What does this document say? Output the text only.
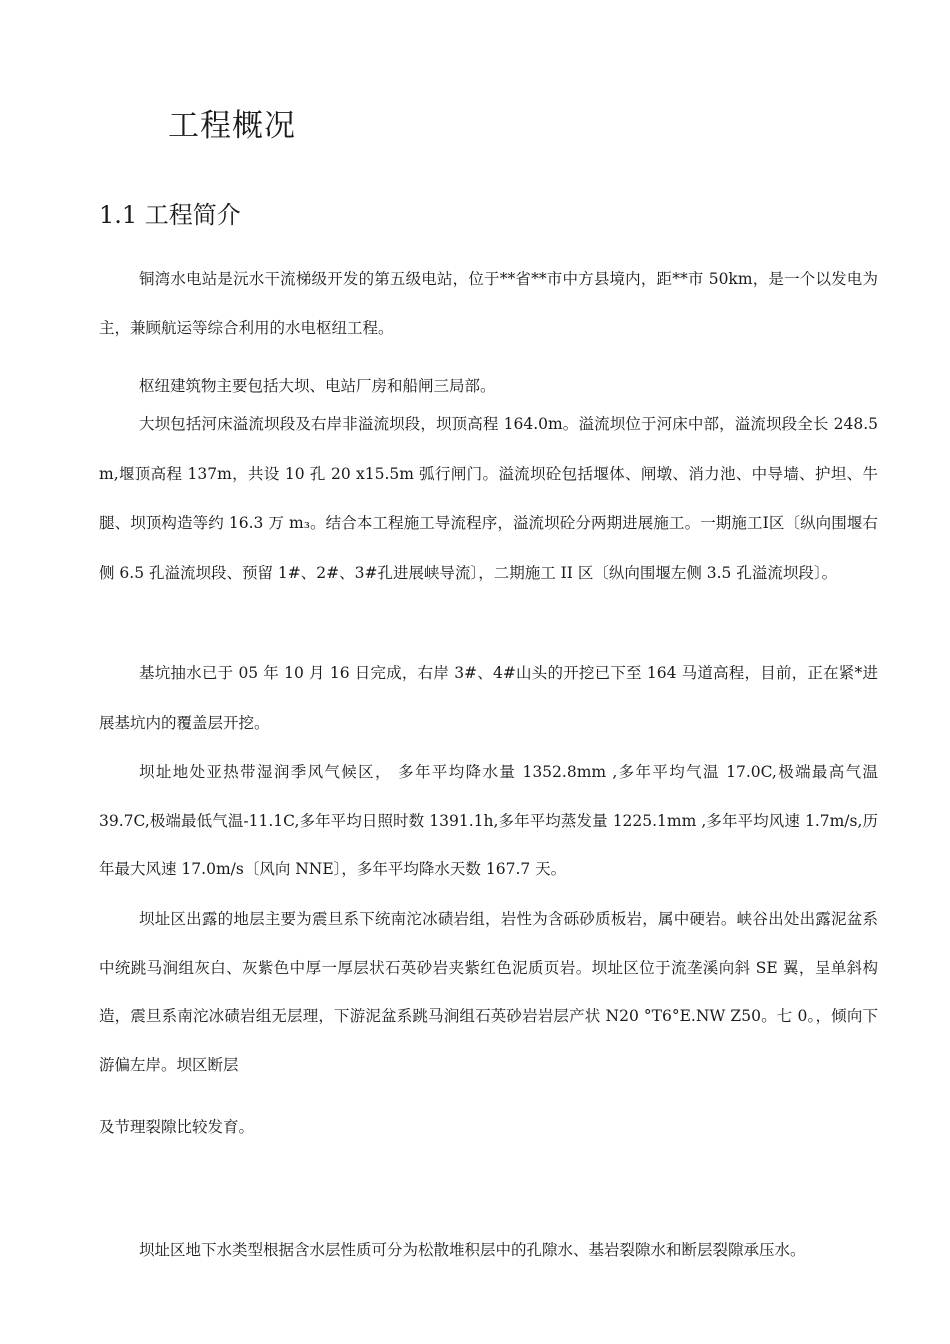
工程概况
1.1 工程简介

铜湾水电站是沅水干流梯级开发的第五级电站，位于**省**市中方县境内，距**市 50km，是一个以发电为主，兼顾航运等综合利用的水电枢纽工程。

枢纽建筑物主要包括大坝、电站厂房和船闸三局部。

大坝包括河床溢流坝段及右岸非溢流坝段，坝顶高程 164.0m。溢流坝位于河床中部，溢流坝段全长 248.5 m,堰顶高程 137m，共设 10 孔 20 x15.5m 弧行闸门。溢流坝砼包括堰体、闸墩、消力池、中导墙、护坦、牛腿、坝顶构造等约 16.3 万 m₃。结合本工程施工导流程序，溢流坝砼分两期进展施工。一期施工Ⅰ区〔纵向围堰右侧 6.5 孔溢流坝段、预留 1#、2#、3#孔进展峡导流〕，二期施工 II 区〔纵向围堰左侧 3.5 孔溢流坝段〕。

基坑抽水已于 05 年 10 月 16 日完成，右岸 3#、4#山头的开挖已下至 164 马道高程，目前，正在紧*进展基坑内的覆盖层开挖。

坝址地处亚热带湿润季风气候区， 多年平均降水量 1352.8mm ,多年平均气温 17.0C,极端最高气温 39.7C,极端最低气温-11.1C,多年平均日照时数 1391.1h,多年平均蒸发量 1225.1mm ,多年平均风速 1.7m/s,历年最大风速 17.0m/s〔风向 NNE〕，多年平均降水天数 167.7 天。

坝址区出露的地层主要为震旦系下统南沱冰碛岩组，岩性为含砾砂质板岩，属中硬岩。峡谷出处出露泥盆系中统跳马涧组灰白、灰紫色中厚一厚层状石英砂岩夹紫红色泥质页岩。坝址区位于流垄溪向斜 SE 翼，呈单斜构造，震旦系南沱冰碛岩组无层理，下游泥盆系跳马涧组石英砂岩岩层产状 N20 °T6°E.NW Z50。七 0。，倾向下游偏左岸。坝区断层

及节理裂隙比较发育。

坝址区地下水类型根据含水层性质可分为松散堆积层中的孔隙水、基岩裂隙水和断层裂隙承压水。
